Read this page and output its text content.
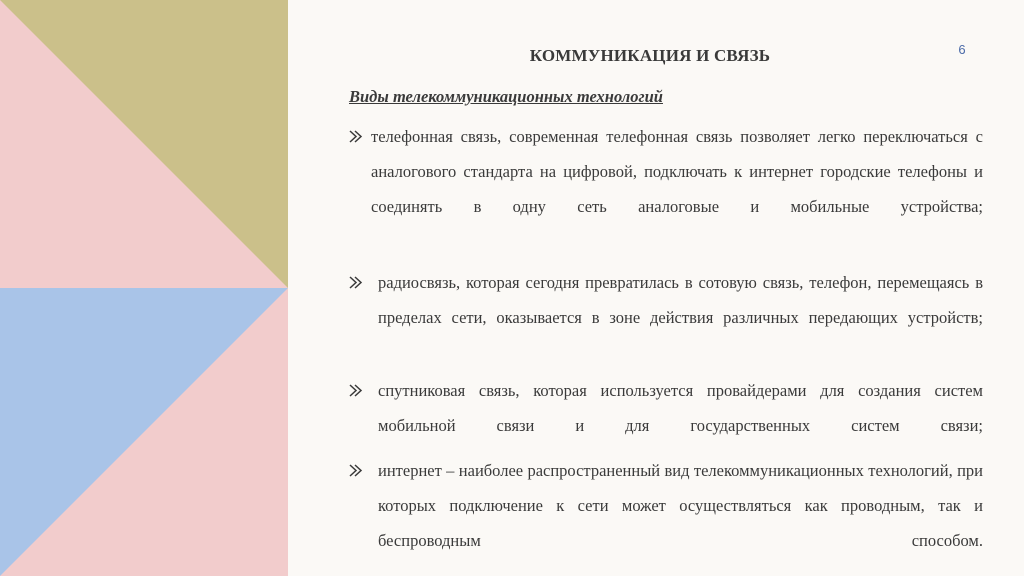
6
КОММУНИКАЦИЯ И СВЯЗЬ
Виды телекоммуникационных технологий
телефонная связь, современная телефонная связь позволяет легко переключаться с аналогового стандарта на цифровой, подключать к интернет городские телефоны и соединять в одну сеть аналоговые и мобильные устройства;
радиосвязь, которая сегодня превратилась в сотовую связь, телефон, перемещаясь в пределах сети, оказывается в зоне действия различных передающих устройств;
спутниковая связь, которая используется провайдерами для создания систем мобильной связи и для государственных систем связи;
интернет – наиболее распространенный вид телекоммуникационных технологий, при которых подключение к сети может осуществляться как проводным, так и беспроводным способом.
